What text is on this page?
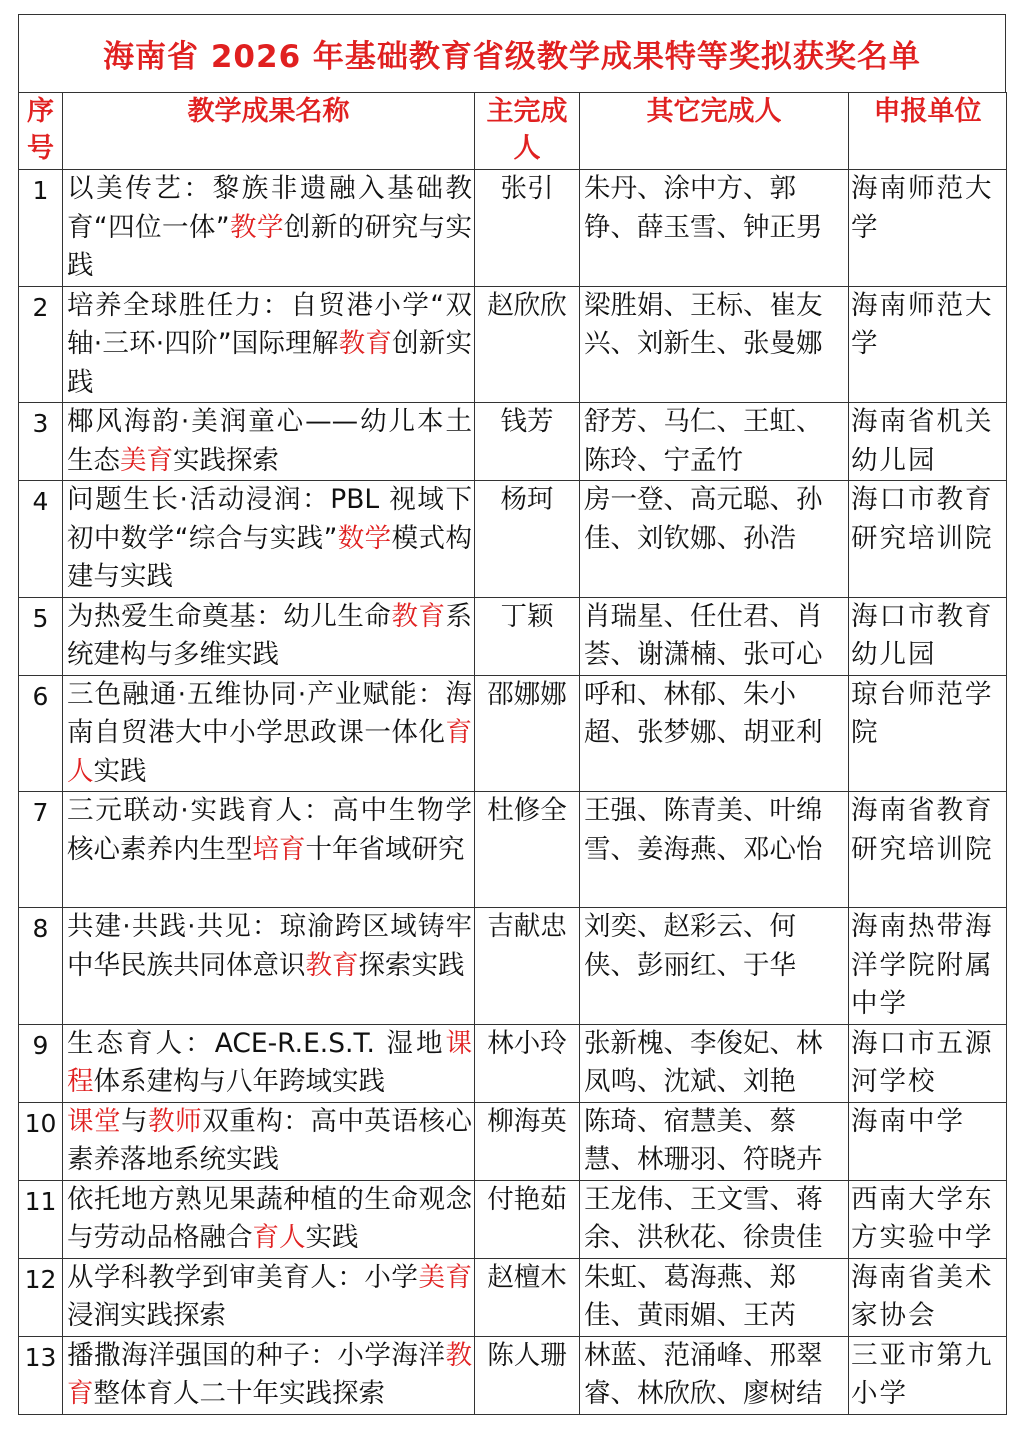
海南省 2026 年基础教育省级教学成果特等奖拟获奖名单
序号	教学成果名称	主完成人	其它完成人	申报单位
1	以美传艺：黎族非遗融入基础教育“四位一体”教学创新的研究与实践	张引	朱丹、涂中方、郭铮、薛玉雪、钟正男	海南师范大学
2	培养全球胜任力：自贸港小学“双轴·三环·四阶”国际理解教育创新实践	赵欣欣	梁胜娟、王标、崔友兴、刘新生、张曼娜	海南师范大学
3	椰风海韵·美润童心——幼儿本土生态美育实践探索	钱芳	舒芳、马仁、王虹、陈玲、宁孟竹	海南省机关幼儿园
4	问题生长·活动浸润：PBL 视域下初中数学“综合与实践”数学模式构建与实践	杨珂	房一登、高元聪、孙佳、刘钦娜、孙浩	海口市教育研究培训院
5	为热爱生命奠基：幼儿生命教育系统建构与多维实践	丁颖	肖瑞星、任仕君、肖荟、谢潇楠、张可心	海口市教育幼儿园
6	三色融通·五维协同·产业赋能：海南自贸港大中小学思政课一体化育人实践	邵娜娜	呼和、林郁、朱小超、张梦娜、胡亚利	琼台师范学院
7	三元联动·实践育人：高中生物学核心素养内生型培育十年省域研究	杜修全	王强、陈青美、叶绵雪、姜海燕、邓心怡	海南省教育研究培训院
8	共建·共践·共见：琼渝跨区域铸牢中华民族共同体意识教育探索实践	吉献忠	刘奕、赵彩云、何侠、彭丽红、于华	海南热带海洋学院附属中学
9	生态育人：ACE-R.E.S.T. 湿地课程体系建构与八年跨域实践	林小玲	张新槐、李俊妃、林凤鸣、沈斌、刘艳	海口市五源河学校
10	课堂与教师双重构：高中英语核心素养落地系统实践	柳海英	陈琦、宿慧美、蔡慧、林珊羽、符晓卉	海南中学
11	依托地方熟见果蔬种植的生命观念与劳动品格融合育人实践	付艳茹	王龙伟、王文雪、蒋余、洪秋花、徐贵佳	西南大学东方实验中学
12	从学科教学到审美育人：小学美育浸润实践探索	赵檀木	朱虹、葛海燕、郑佳、黄雨媚、王芮	海南省美术家协会
13	播撒海洋强国的种子：小学海洋教育整体育人二十年实践探索	陈人珊	林蓝、范涌峰、邢翠睿、林欣欣、廖树结	三亚市第九小学
